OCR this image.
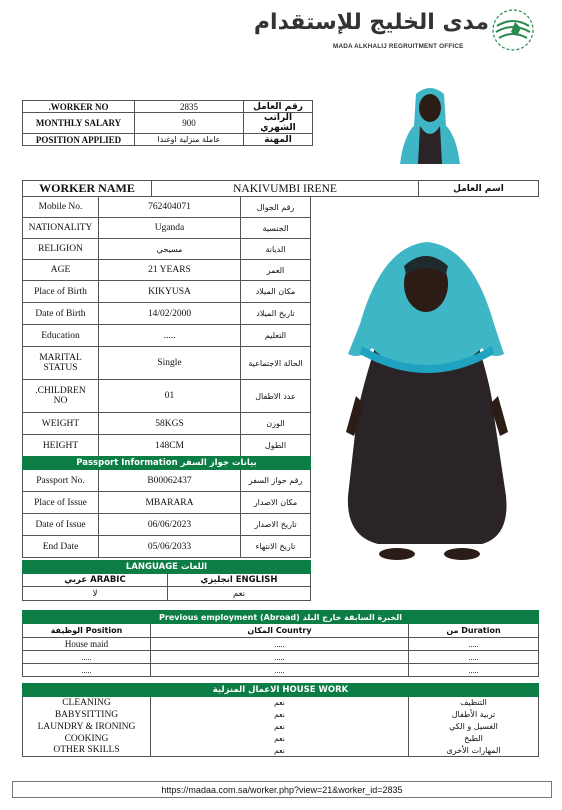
مدى الخليج للإستقدام
MADA ALKHALIJ REGRUITMENT OFFICE
.WORKER NO	2835	رقم العامل
MONTHLY SALARY	900	الراتب الشهري
POSITION APPLIED	عاملة منزلية اوغندا	المهنة
WORKER NAME	NAKIVUMBI IRENE	اسم العامل
Mobile No.	762404071	رقم الجوال
NATIONALITY	Uganda	الجنسية
RELIGION	مسيحي	الديانة
AGE	21 YEARS	العمر
Place of Birth	KIKYUSA	مكان الميلاد
Date of Birth	14/02/2000	تاريخ الميلاد
Education	.....	التعليم
MARITAL STATUS	Single	الحالة الاجتماعية
.CHILDREN NO	01	عدد الاطفال
WEIGHT	58KGS	الوزن
HEIGHT	148CM	الطول
بيانات جواز السفر Passport Information		
Passport No.	B00062437	رقم جواز السفر
Place of Issue	MBARARA	مكان الاصدار
Date of Issue	06/06/2023	تاريخ الاصدار
End Date	05/06/2033	تاريخ الانتهاء
اللغات LANGUAGE	
ARABIC عربي	ENGLISH انجليزي
لا	نعم
الخبرة السابقة خارج البلد Previous employment (Abroad)		
Position الوظيفة	Country المكان	Duration من
House maid	.....	.....
.....	.....	.....
.....	.....	.....
HOUSE WORK الاعمال المنزلية		
CLEANING	نعم	التنظيف
BABYSITTING	نعم	تربية الأطفال
LAUNDRY & IRONING	نعم	الغسيل و الكي
COOKING	نعم	الطبخ
OTHER SKILLS	نعم	المهارات الأخرى
https://madaa.com.sa/worker.php?view=21&worker_id=2835
